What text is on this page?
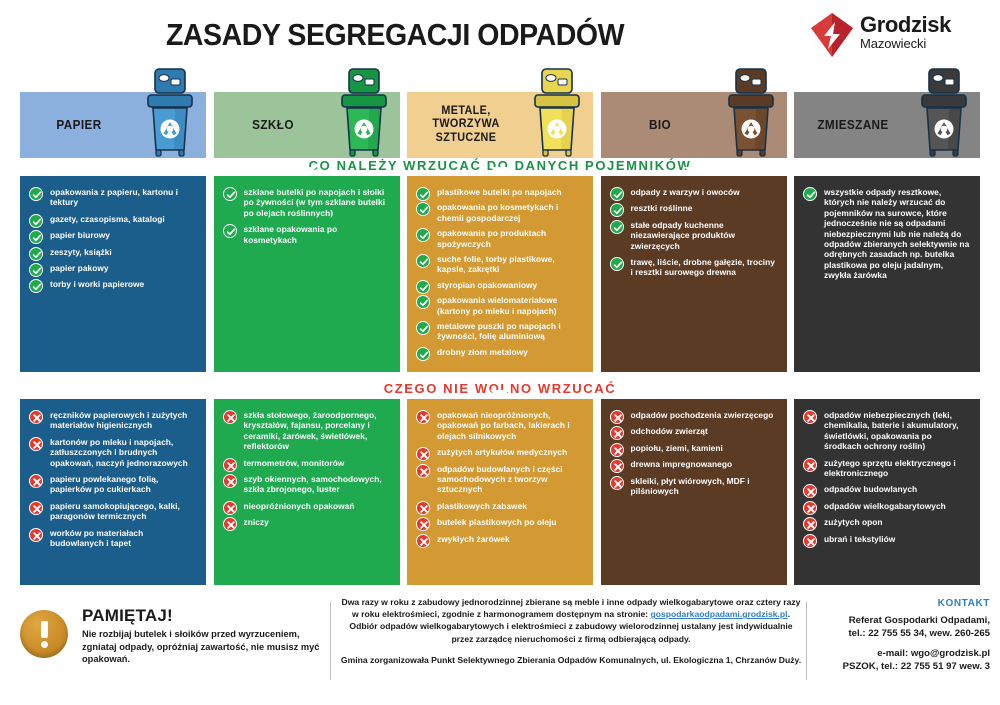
ZASADY SEGREGACJI ODPADÓW	Grodzisk
Mazowiecki
PAPIER	SZKŁO
METALE,
TWORZYWA SZTUCZNE
BIO	ZMIESZANE
CO NALEŻY WRZUCAĆ DO DANYCH POJEMNIKÓW
CZEGO NIE WOLNO WRZUCAĆ
opakowania z papieru, kartonu i tektury
gazety, czasopisma, katalogi
papier biurowy
zeszyty, książki
papier pakowy
torby i worki papierowe
szklane butelki po napojach i słoiki po żywności (w tym szklane butelki po olejach roślinnych)
szklane opakowania po kosmetykach
plastikowe butelki po napojach
opakowania po kosmetykach i chemii gospodarczej
opakowania po produktach spożywczych
suche folie, torby plastikowe, kapsle, zakrętki
styropian opakowaniowy
opakowania wielomateriałowe (kartony po mleku i napojach)
metalowe puszki po napojach i żywności, folię aluminiową
drobny złom metalowy
odpady z warzyw i owoców
resztki roślinne
stałe odpady kuchenne niezawierające produktów zwierzęcych
trawę, liście, drobne gałęzie, trociny i resztki surowego drewna
wszystkie odpady resztkowe, których nie należy wrzucać do pojemników na surowce, które jednocześnie nie są odpadami niebezpiecznymi lub nie należą do odpadów zbieranych selektywnie na odrębnych zasadach np. butelka plastikowa po oleju jadalnym, zwykła żarówka
ręczników papierowych i zużytych materiałów higienicznych
kartonów po mleku i napojach, zatłuszczonych i brudnych opakowań, naczyń jednorazowych
papieru powlekanego folią, papierków po cukierkach
papieru samokopiującego, kalki, paragonów termicznych
worków po materiałach budowlanych i tapet
szkła stołowego, żaroodpornego, kryształów, fajansu, porcelany i ceramiki, żarówek, świetlówek, reflektorów
termometrów, monitorów
szyb okiennych, samochodowych, szkła zbrojonego, luster
nieopróżnionych opakowań
zniczy
opakowań nieopróżnionych, opakowań po farbach, lakierach i olejach silnikowych
zużytych artykułów medycznych
odpadów budowlanych i części samochodowych z tworzyw sztucznych
plastikowych zabawek
butelek plastikowych po oleju
zwykłych żarówek
odpadów pochodzenia zwierzęcego
odchodów zwierząt
popiołu, ziemi, kamieni
drewna impregnowanego
skleiki, płyt wiórowych, MDF i pilśniowych
odpadów niebezpiecznych (leki, chemikalia, baterie i akumulatory, świetlówki, opakowania po środkach ochrony roślin)
zużytego sprzętu elektrycznego i elektronicznego
odpadów budowlanych
odpadów wielkogabarytowych
zużytych opon
ubrań i tekstyliów
PAMIĘTAJ!
Nie rozbijaj butelek i słoików przed wyrzuceniem, zgniataj odpady, opróżniaj zawartość, nie musisz myć opakowań.
Dwa razy w roku z zabudowy jednorodzinnej zbierane są meble i inne odpady wielkogabarytowe oraz cztery razy w roku elektrośmieci, zgodnie z harmonogramem dostępnym na stronie: gospodarkaodpadami.grodzisk.pl. Odbiór odpadów wielkogabarytowych i elektrośmieci z zabudowy wielorodzinnej ustalany jest indywidualnie przez zarządcę nieruchomości z firmą odbierającą odpady.
Gmina zorganizowała Punkt Selektywnego Zbierania Odpadów Komunalnych, ul. Ekologiczna 1, Chrzanów Duży.
KONTAKT
Referat Gospodarki Odpadami,
tel.: 22 755 55 34, wew. 260-265
e-mail: wgo@grodzisk.pl
PSZOK, tel.: 22 755 51 97 wew. 3
